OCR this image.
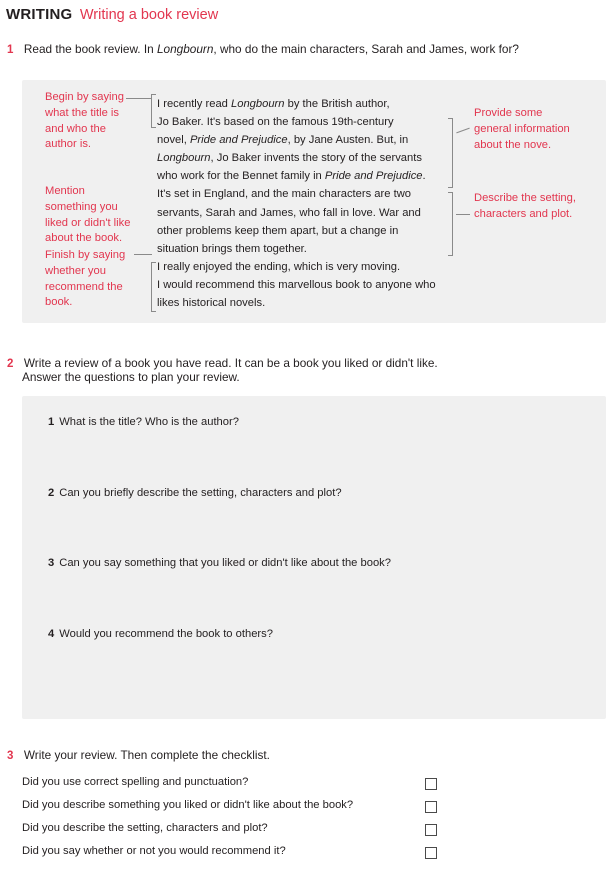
WRITING Writing a book review
1 Read the book review. In Longbourn, who do the main characters, Sarah and James, work for?
Begin by saying what the title is and who the author is.
Mention something you liked or didn't like about the book.
Finish by saying whether you recommend the book.
Provide some general information about the nove.
Describe the setting, characters and plot.
I recently read Longbourn by the British author,
Jo Baker. It's based on the famous 19th-century
novel, Pride and Prejudice, by Jane Austen. But, in
Longbourn, Jo Baker invents the story of the servants
who work for the Bennet family in Pride and Prejudice.
It's set in England, and the main characters are two
servants, Sarah and James, who fall in love. War and
other problems keep them apart, but a change in
situation brings them together.
I really enjoyed the ending, which is very moving.
I would recommend this marvellous book to anyone who
likes historical novels.
2 Write a review of a book you have read. It can be a book you liked or didn't like.
Answer the questions to plan your review.
1 What is the title? Who is the author?
2 Can you briefly describe the setting, characters and plot?
3 Can you say something that you liked or didn't like about the book?
4 Would you recommend the book to others?
3 Write your review. Then complete the checklist.
Did you use correct spelling and punctuation?
Did you describe something you liked or didn't like about the book?
Did you describe the setting, characters and plot?
Did you say whether or not you would recommend it?
